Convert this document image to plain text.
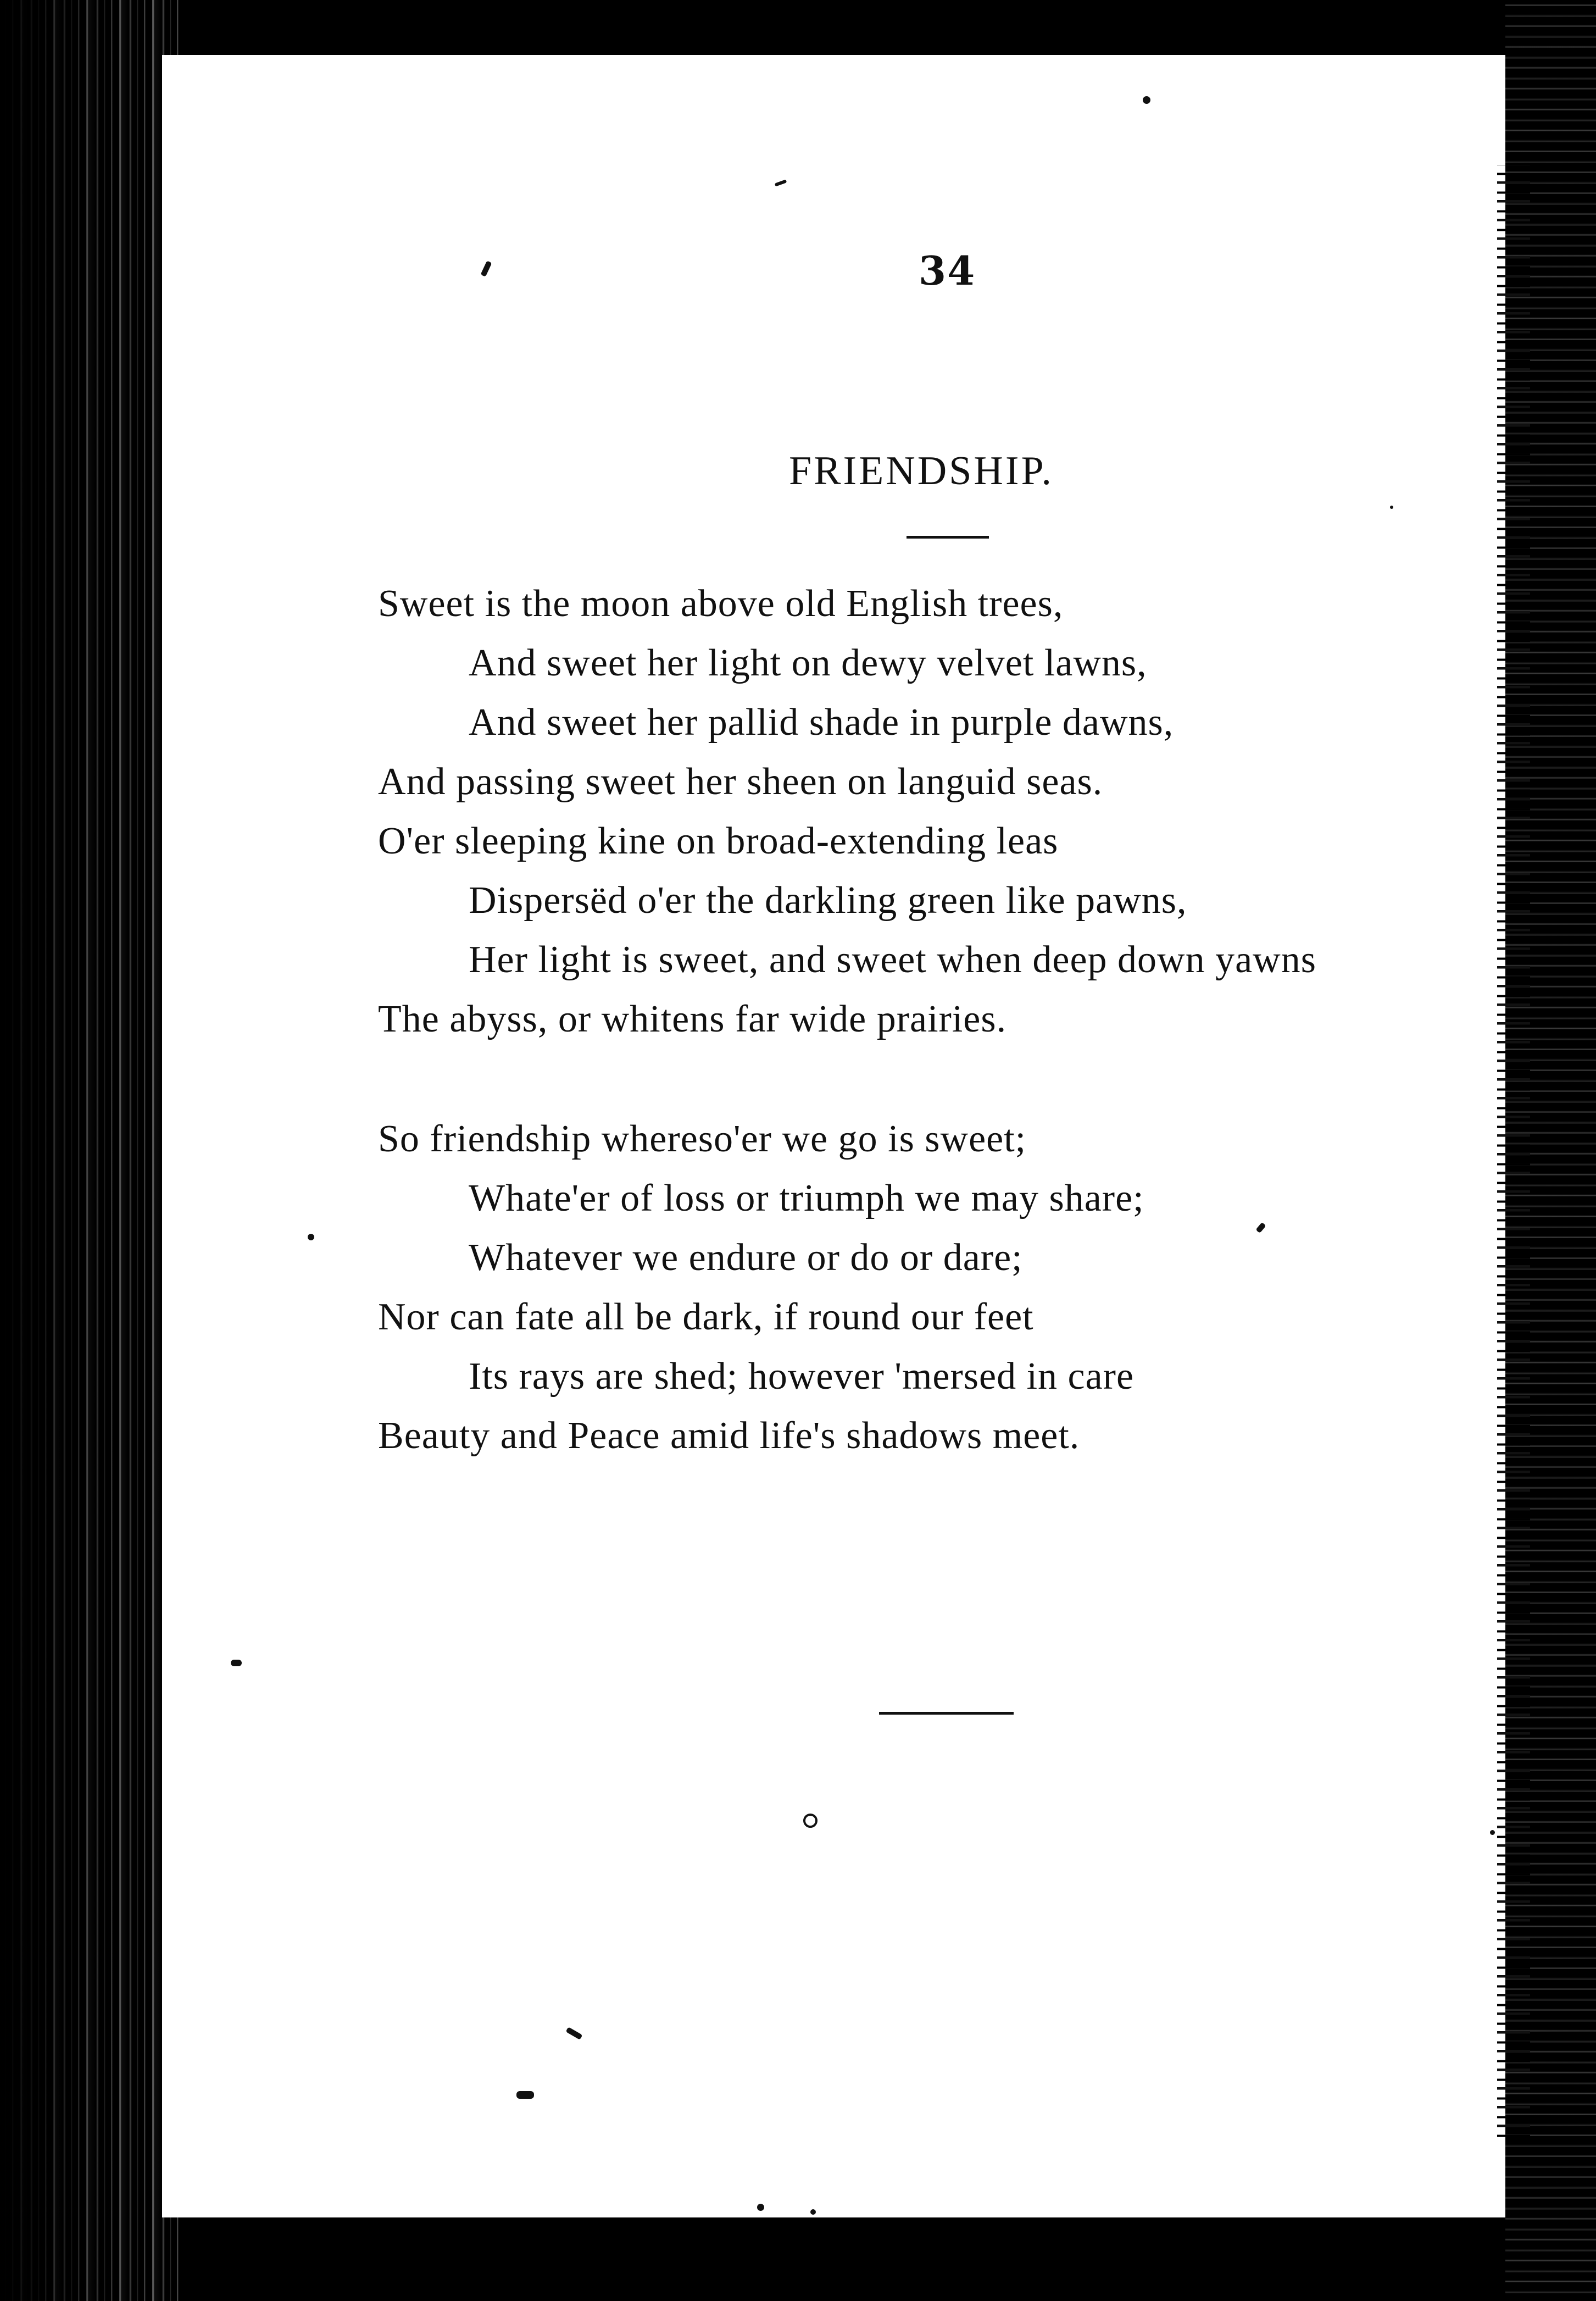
34
FRIENDSHIP.
Sweet is the moon above old English trees,
And sweet her light on dewy velvet lawns,
And sweet her pallid shade in purple dawns,
And passing sweet her sheen on languid seas.
O'er sleeping kine on broad-extending leas
Dispersëd o'er the darkling green like pawns,
Her light is sweet, and sweet when deep down yawns
The abyss, or whitens far wide prairies.
So friendship whereso'er we go is sweet;
Whate'er of loss or triumph we may share;
Whatever we endure or do or dare;
Nor can fate all be dark, if round our feet
Its rays are shed; however 'mersed in care
Beauty and Peace amid life's shadows meet.
